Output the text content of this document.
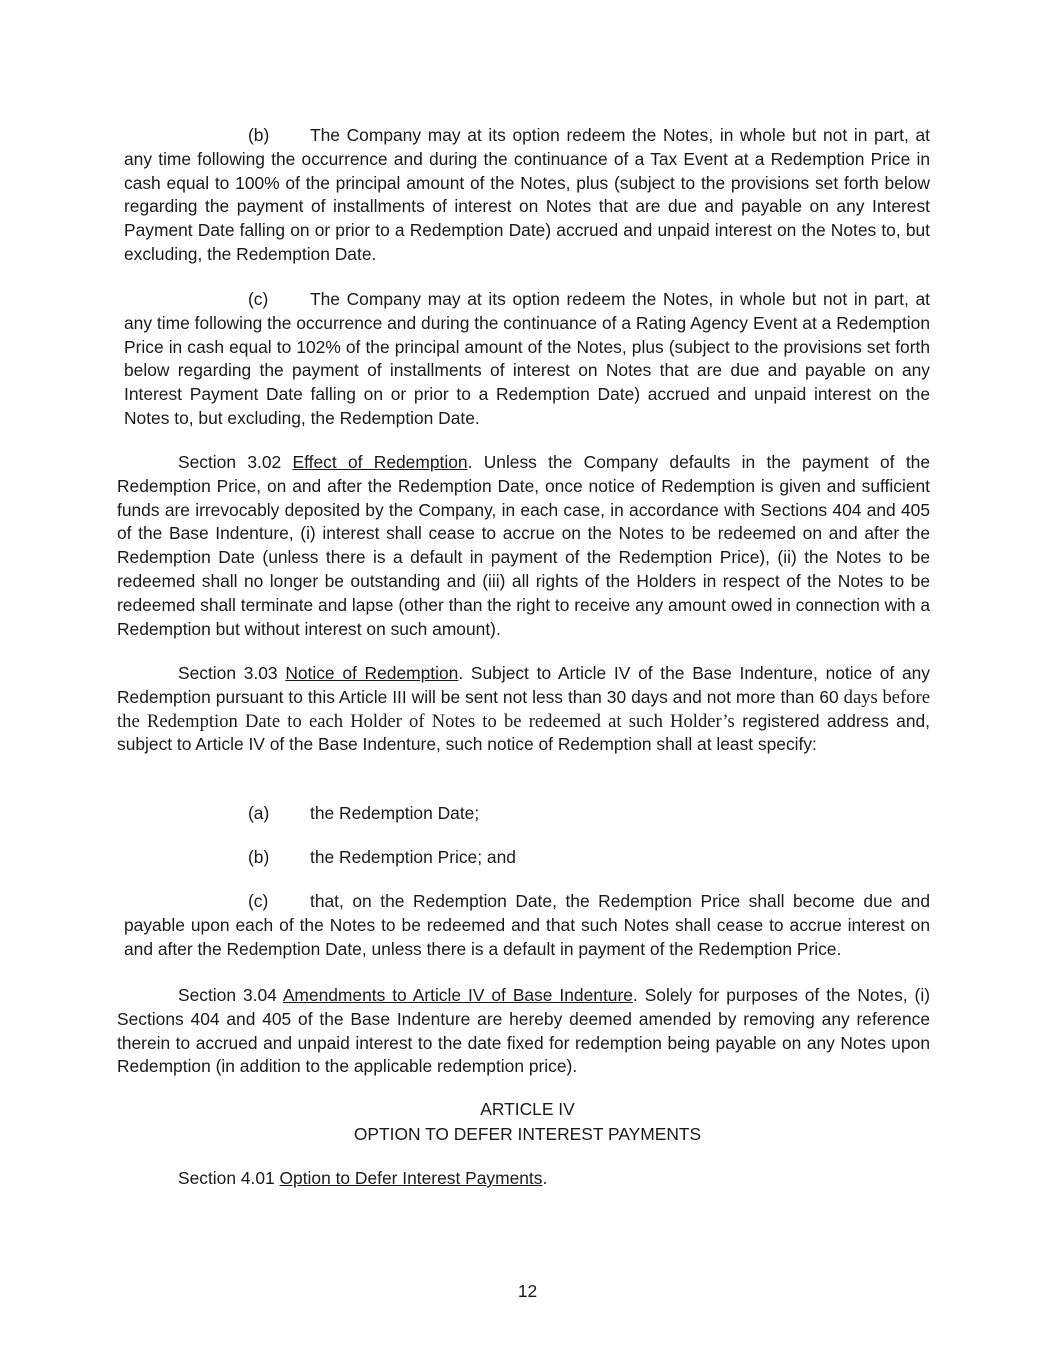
(b) The Company may at its option redeem the Notes, in whole but not in part, at any time following the occurrence and during the continuance of a Tax Event at a Redemption Price in cash equal to 100% of the principal amount of the Notes, plus (subject to the provisions set forth below regarding the payment of installments of interest on Notes that are due and payable on any Interest Payment Date falling on or prior to a Redemption Date) accrued and unpaid interest on the Notes to, but excluding, the Redemption Date.

(c) The Company may at its option redeem the Notes, in whole but not in part, at any time following the occurrence and during the continuance of a Rating Agency Event at a Redemption Price in cash equal to 102% of the principal amount of the Notes, plus (subject to the provisions set forth below regarding the payment of installments of interest on Notes that are due and payable on any Interest Payment Date falling on or prior to a Redemption Date) accrued and unpaid interest on the Notes to, but excluding, the Redemption Date.

Section 3.02 Effect of Redemption. Unless the Company defaults in the payment of the Redemption Price, on and after the Redemption Date, once notice of Redemption is given and sufficient funds are irrevocably deposited by the Company, in each case, in accordance with Sections 404 and 405 of the Base Indenture, (i) interest shall cease to accrue on the Notes to be redeemed on and after the Redemption Date (unless there is a default in payment of the Redemption Price), (ii) the Notes to be redeemed shall no longer be outstanding and (iii) all rights of the Holders in respect of the Notes to be redeemed shall terminate and lapse (other than the right to receive any amount owed in connection with a Redemption but without interest on such amount).

Section 3.03 Notice of Redemption. Subject to Article IV of the Base Indenture, notice of any Redemption pursuant to this Article III will be sent not less than 30 days and not more than 60 days before the Redemption Date to each Holder of Notes to be redeemed at such Holder’s registered address and, subject to Article IV of the Base Indenture, such notice of Redemption shall at least specify:

(a) the Redemption Date;
(b) the Redemption Price; and

(c) that, on the Redemption Date, the Redemption Price shall become due and payable upon each of the Notes to be redeemed and that such Notes shall cease to accrue interest on and after the Redemption Date, unless there is a default in payment of the Redemption Price.

Section 3.04 Amendments to Article IV of Base Indenture. Solely for purposes of the Notes, (i) Sections 404 and 405 of the Base Indenture are hereby deemed amended by removing any reference therein to accrued and unpaid interest to the date fixed for redemption being payable on any Notes upon Redemption (in addition to the applicable redemption price).

ARTICLE IV
OPTION TO DEFER INTEREST PAYMENTS

Section 4.01 Option to Defer Interest Payments.

12
